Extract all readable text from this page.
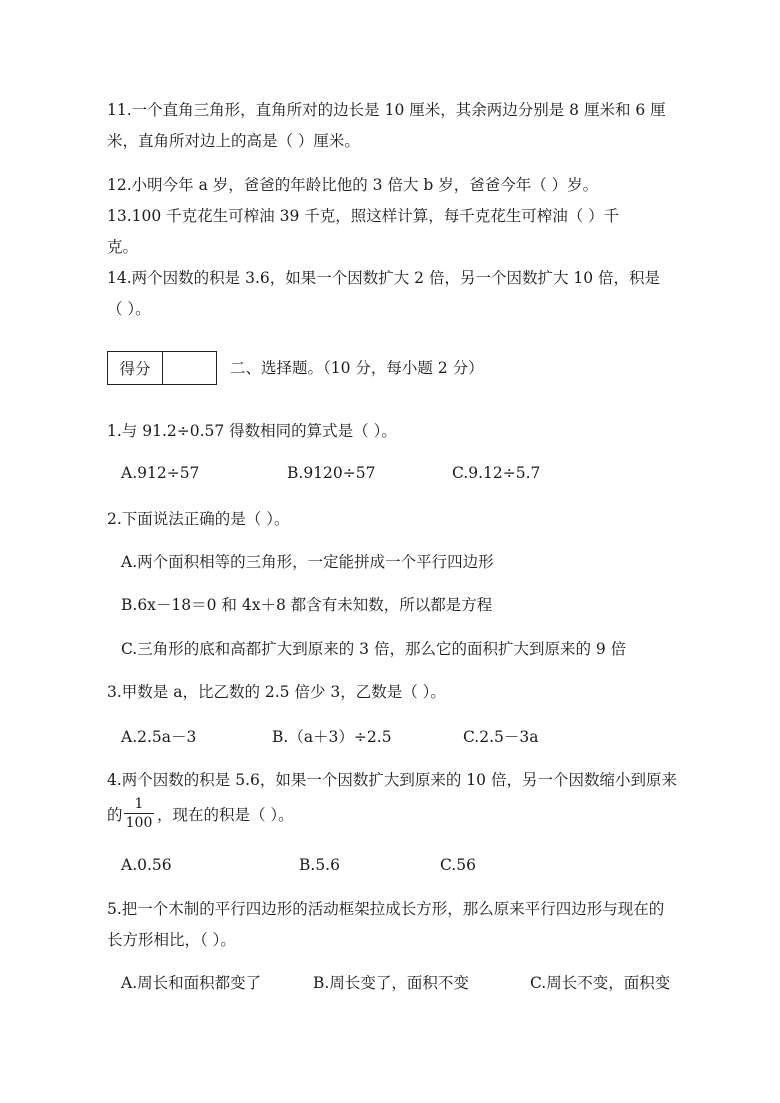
11.一个直角三角形，直角所对的边长是 10 厘米，其余两边分别是 8 厘米和 6 厘
米，直角所对边上的高是（ ）厘米。
12.小明今年 a 岁，爸爸的年龄比他的 3 倍大 b 岁，爸爸今年（ ）岁。
13.100 千克花生可榨油 39 千克，照这样计算，每千克花生可榨油（ ）千
克。
14.两个因数的积是 3.6，如果一个因数扩大 2 倍，另一个因数扩大 10 倍，积是
（ ）。
得分	二、选择题。（10 分，每小题 2 分）
1.与 91.2÷0.57 得数相同的算式是（ ）。
A.912÷57	B.9120÷57	C.9.12÷5.7
2.下面说法正确的是（ ）。
A.两个面积相等的三角形，一定能拼成一个平行四边形
B.6x－18＝0 和 4x＋8 都含有未知数，所以都是方程
C.三角形的底和高都扩大到原来的 3 倍，那么它的面积扩大到原来的 9 倍
3.甲数是 a，比乙数的 2.5 倍少 3，乙数是（ ）。
A.2.5a－3	B.（a＋3）÷2.5	C.2.5－3a
4.两个因数的积是 5.6，如果一个因数扩大到原来的 10 倍，另一个因数缩小到原来
的
1
100 ，现在的积是（ ）。
A.0.56	B.5.6	C.56
5.把一个木制的平行四边形的活动框架拉成长方形，那么原来平行四边形与现在的
长方形相比，（ ）。
A.周长和面积都变了	B.周长变了，面积不变	C.周长不变，面积变
